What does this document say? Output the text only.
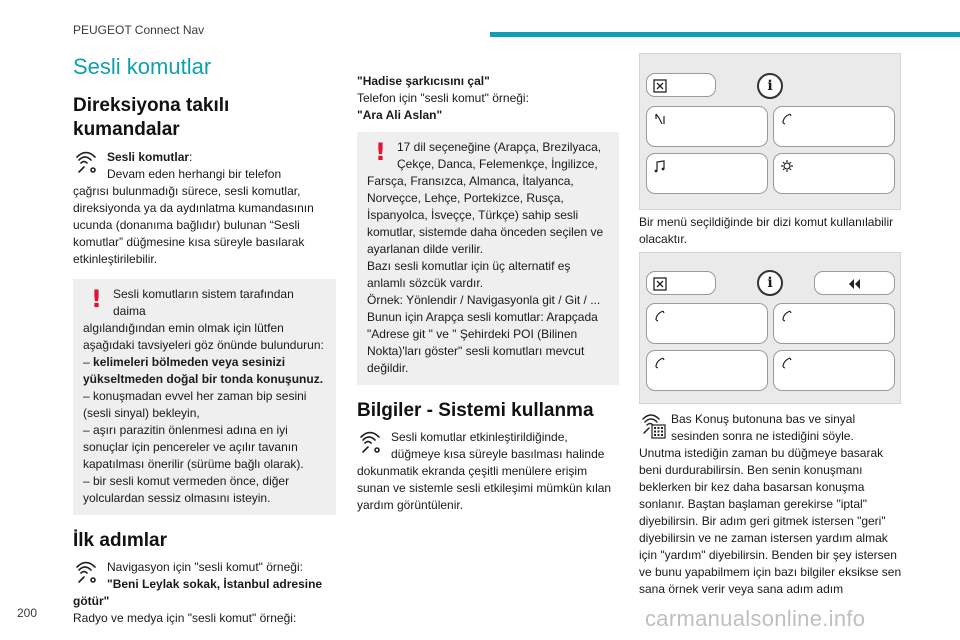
PEUGEOT Connect Nav
Sesli komutlar
Direksiyona takılı kumandalar

Sesli komutlar:
Devam eden herhangi bir telefon
çağrısı bulunmadığı sürece, sesli komutlar, direksiyonda ya da aydınlatma kumandasının ucunda (donanıma bağlıdır) bulunan “Sesli komutlar” düğmesine kısa süreyle basılarak etkinleştirilebilir.

! Sesli komutların sistem tarafından daima
algılandığından emin olmak için lütfen

aşağıdaki tavsiyeleri göz önünde bulundurun:

– kelimeleri bölmeden veya sesinizi yükseltmeden doğal bir tonda konuşunuz.

– konuşmadan evvel her zaman bip sesini (sesli sinyal) bekleyin,

– aşırı parazitin önlenmesi adına en iyi sonuçlar için pencereler ve açılır tavanın kapatılması önerilir (sürüme bağlı olarak).

– bir sesli komut vermeden önce, diğer yolculardan sessiz olmasını isteyin.

İlk adımlar

Navigasyon için "sesli komut" örneği:
"Beni Leylak sokak, İstanbul adresine götür"

Radyo ve medya için "sesli komut" örneği:

"Hadise şarkıcısını çal"

Telefon için "sesli komut" örneği:

"Ara Ali Aslan"

! 17 dil seçeneğine (Arapça, Brezilyaca,
Çekçe, Danca, Felemenkçe, İngilizce,
Farsça, Fransızca, Almanca, İtalyanca, Norveçce, Lehçe, Portekizce, Rusça, İspanyolca, İsveççe, Türkçe) sahip sesli komutlar, sistemde daha önceden seçilen ve ayarlanan dilde verilir.

Bazı sesli komutlar için üç alternatif eş anlamlı sözcük vardır.

Örnek: Yönlendir / Navigasyonla git / Git / ...

Bunun için Arapça sesli komutlar: Arapçada "Adrese git " ve " Şehirdeki POI (Bilinen Nokta)'ları göster" sesli komutları mevcut değildir.

Bilgiler - Sistemi kullanma

Sesli komutlar etkinleştirildiğinde,
düğmeye kısa süreyle basılması halinde
dokunmatik ekranda çeşitli menülere erişim sunan ve sistemle sesli etkileşimi mümkün kılan yardım görüntülenir.

i

Bir menü seçildiğinde bir dizi komut kullanılabilir olacaktır.

i

Bas Konuş butonuna bas ve sinyal
sesinden sonra ne istediğini söyle.
Unutma istediğin zaman bu düğmeye basarak beni durdurabilirsin. Ben senin konuşmanı beklerken bir kez daha basarsan konuşma sonlanır. Baştan başlaman gerekirse "iptal" diyebilirsin. Bir adım geri gitmek istersen "geri" diyebilirsin ve ne zaman istersen yardım almak için "yardım" diyebilirsin. Benden bir şey istersen ve bunu yapabilmem için bazı bilgiler eksikse sen sana örnek verir veya sana adım adım

200	carmanualsonline.info
